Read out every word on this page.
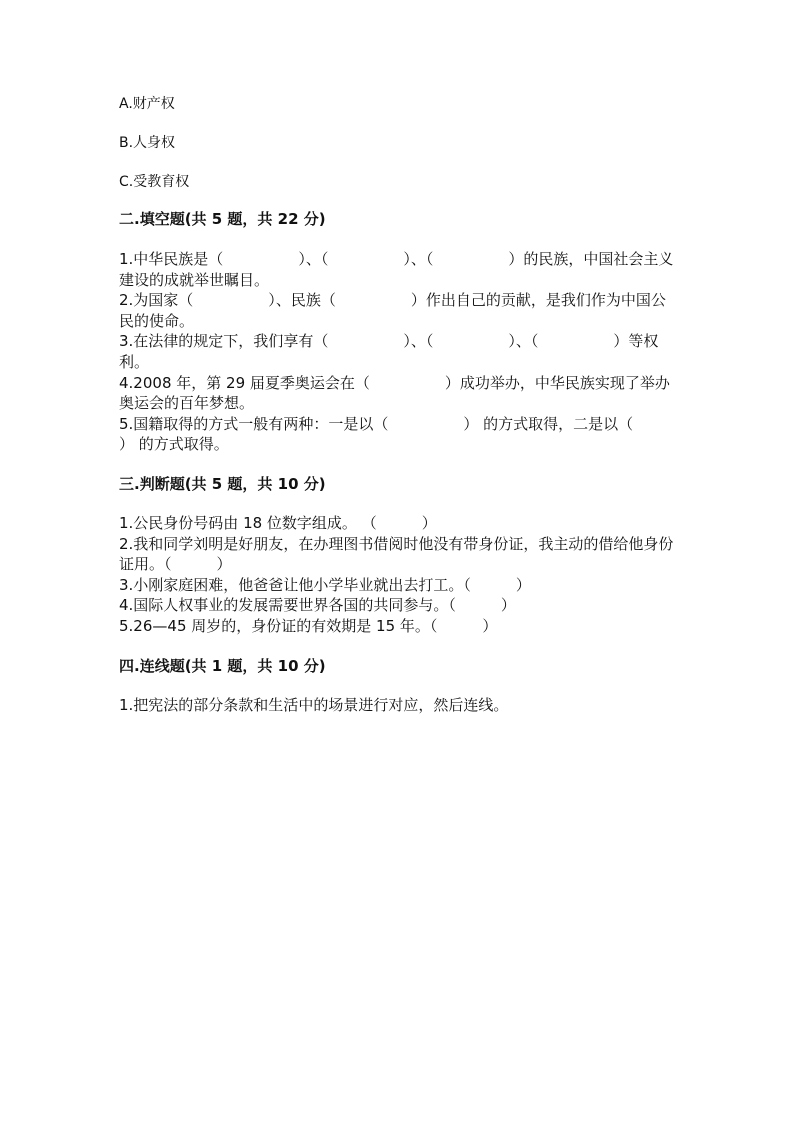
A.财产权

B.人身权

C.受教育权

二.填空题(共 5 题，共 22 分)

1.中华民族是（　　　　　）、（　　　　　）、（　　　　　）的民族，中国社会主义建设的成就举世瞩目。

2.为国家（　　　　　）、民族（　　　　　）作出自己的贡献，是我们作为中国公民的使命。

3.在法律的规定下，我们享有（　　　　　）、（　　　　　）、（　　　　　）等权利。

4.2008 年，第 29 届夏季奥运会在（　　　　　）成功举办，中华民族实现了举办奥运会的百年梦想。

5.国籍取得的方式一般有两种：一是以（　　　　　） 的方式取得，二是以（　　　　　） 的方式取得。

三.判断题(共 5 题，共 10 分)

1.公民身份号码由 18 位数字组成。 （　　　）

2.我和同学刘明是好朋友，在办理图书借阅时他没有带身份证，我主动的借给他身份证用。（　　　）

3.小刚家庭困难，他爸爸让他小学毕业就出去打工。（　　　）

4.国际人权事业的发展需要世界各国的共同参与。（　　　）

5.26—45 周岁的，身份证的有效期是 15 年。（　　　）

四.连线题(共 1 题，共 10 分)

1.把宪法的部分条款和生活中的场景进行对应，然后连线。
